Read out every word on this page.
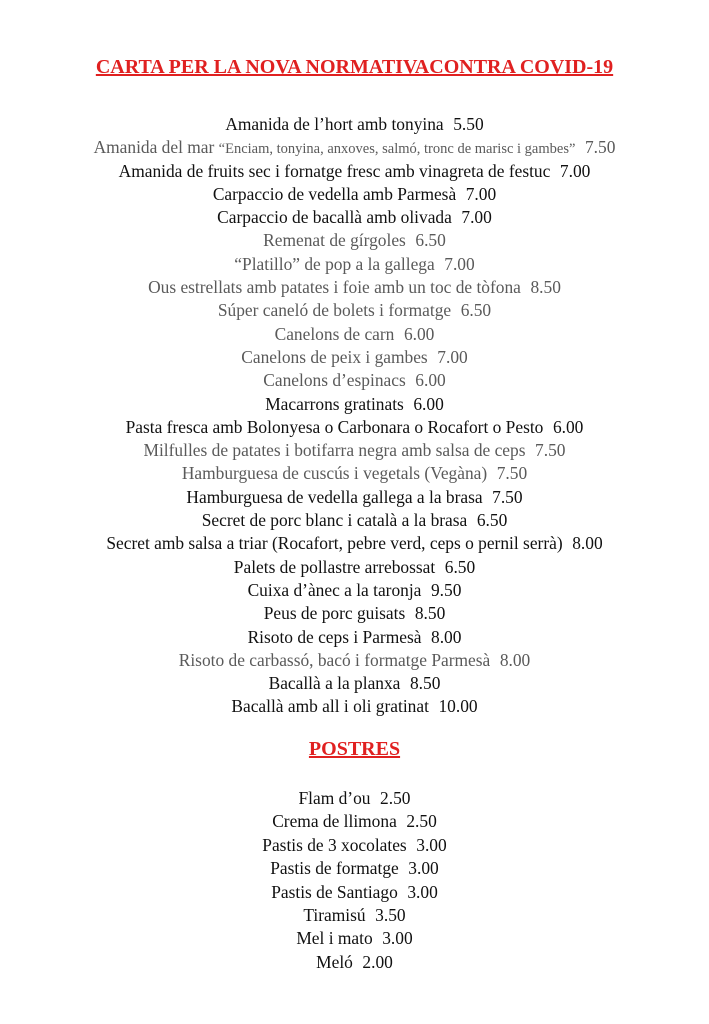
CARTA PER LA NOVA NORMATIVACONTRA COVID-19
Amanida de l’hort amb tonyina 5.50
Amanida del mar “Enciam, tonyina, anxoves, salmó, tronc de marisc i gambes” 7.50
Amanida de fruits sec i fornatge fresc amb vinagreta de festuc 7.00
Carpaccio de vedella amb Parmesà 7.00
Carpaccio de bacallà amb olivada 7.00
Remenat de gírgoles 6.50
“Platillo” de pop a la gallega 7.00
Ous estrellats amb patates i foie amb un toc de tòfona 8.50
Súper caneló de bolets i formatge 6.50
Canelons de carn 6.00
Canelons de peix i gambes 7.00
Canelons d’espinacs 6.00
Macarrons gratinats 6.00
Pasta fresca amb Bolonyesa o Carbonara o Rocafort o Pesto 6.00
Milfulles de patates i botifarra negra amb salsa de ceps 7.50
Hamburguesa de cuscús i vegetals (Vegàna) 7.50
Hamburguesa de vedella gallega a la brasa 7.50
Secret de porc blanc i català a la brasa 6.50
Secret amb salsa a triar (Rocafort, pebre verd, ceps o pernil serrà) 8.00
Palets de pollastre arrebossat 6.50
Cuixa d’ànec a la taronja 9.50
Peus de porc guisats 8.50
Risoto de ceps i Parmesà 8.00
Risoto de carbassó, bacó i formatge Parmesà 8.00
Bacallà a la planxa 8.50
Bacallà amb all i oli gratinat 10.00
POSTRES
Flam d’ou 2.50
Crema de llimona 2.50
Pastis de 3 xocolates 3.00
Pastis de formatge 3.00
Pastis de Santiago 3.00
Tiramisú 3.50
Mel i mato 3.00
Meló 2.00
